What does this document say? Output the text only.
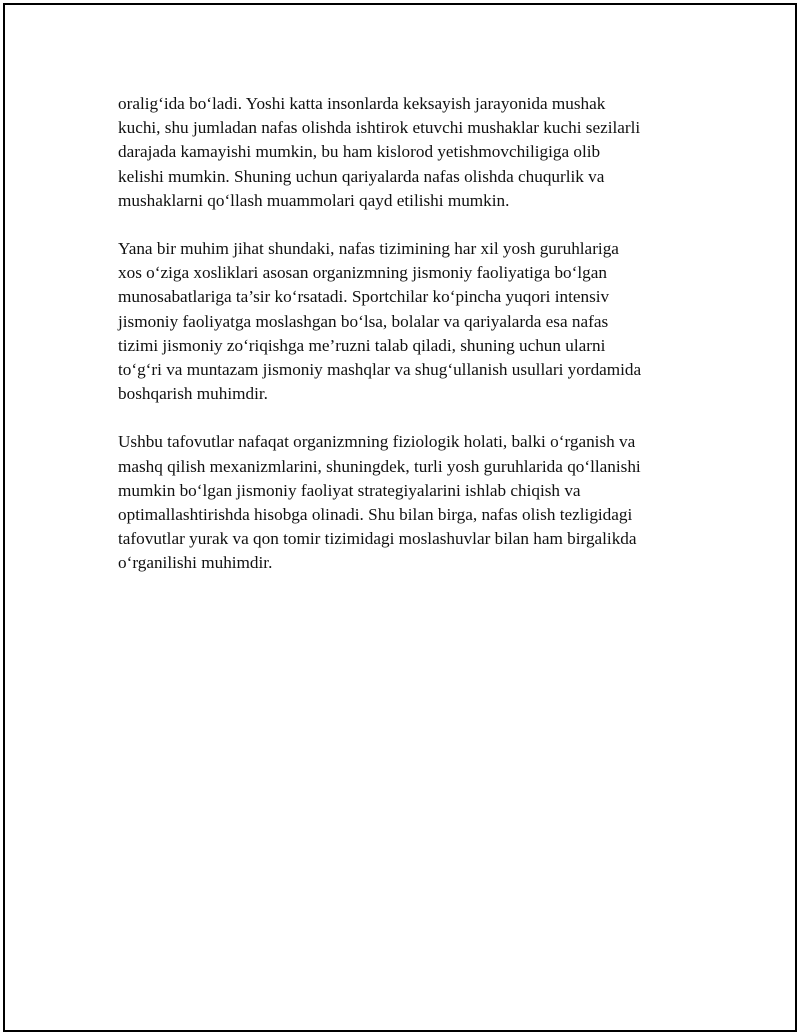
oralig‘ida bo‘ladi. Yoshi katta insonlarda keksayish jarayonida mushak
kuchi, shu jumladan nafas olishda ishtirok etuvchi mushaklar kuchi sezilarli
darajada kamayishi mumkin, bu ham kislorod yetishmovchiligiga olib
kelishi mumkin. Shuning uchun qariyalarda nafas olishda chuqurlik va
mushaklarni qo‘llash muammolari qayd etilishi mumkin.

Yana bir muhim jihat shundaki, nafas tizimining har xil yosh guruhlariga
xos o‘ziga xosliklari asosan organizmning jismoniy faoliyatiga bo‘lgan
munosabatlariga ta’sir ko‘rsatadi. Sportchilar ko‘pincha yuqori intensiv
jismoniy faoliyatga moslashgan bo‘lsa, bolalar va qariyalarda esa nafas
tizimi jismoniy zo‘riqishga me’ruzni talab qiladi, shuning uchun ularni
to‘g‘ri va muntazam jismoniy mashqlar va shug‘ullanish usullari yordamida
boshqarish muhimdir.

Ushbu tafovutlar nafaqat organizmning fiziologik holati, balki o‘rganish va
mashq qilish mexanizmlarini, shuningdek, turli yosh guruhlarida qo‘llanishi
mumkin bo‘lgan jismoniy faoliyat strategiyalarini ishlab chiqish va
optimallashtirishda hisobga olinadi. Shu bilan birga, nafas olish tezligidagi
tafovutlar yurak va qon tomir tizimidagi moslashuvlar bilan ham birgalikda
o‘rganilishi muhimdir.
